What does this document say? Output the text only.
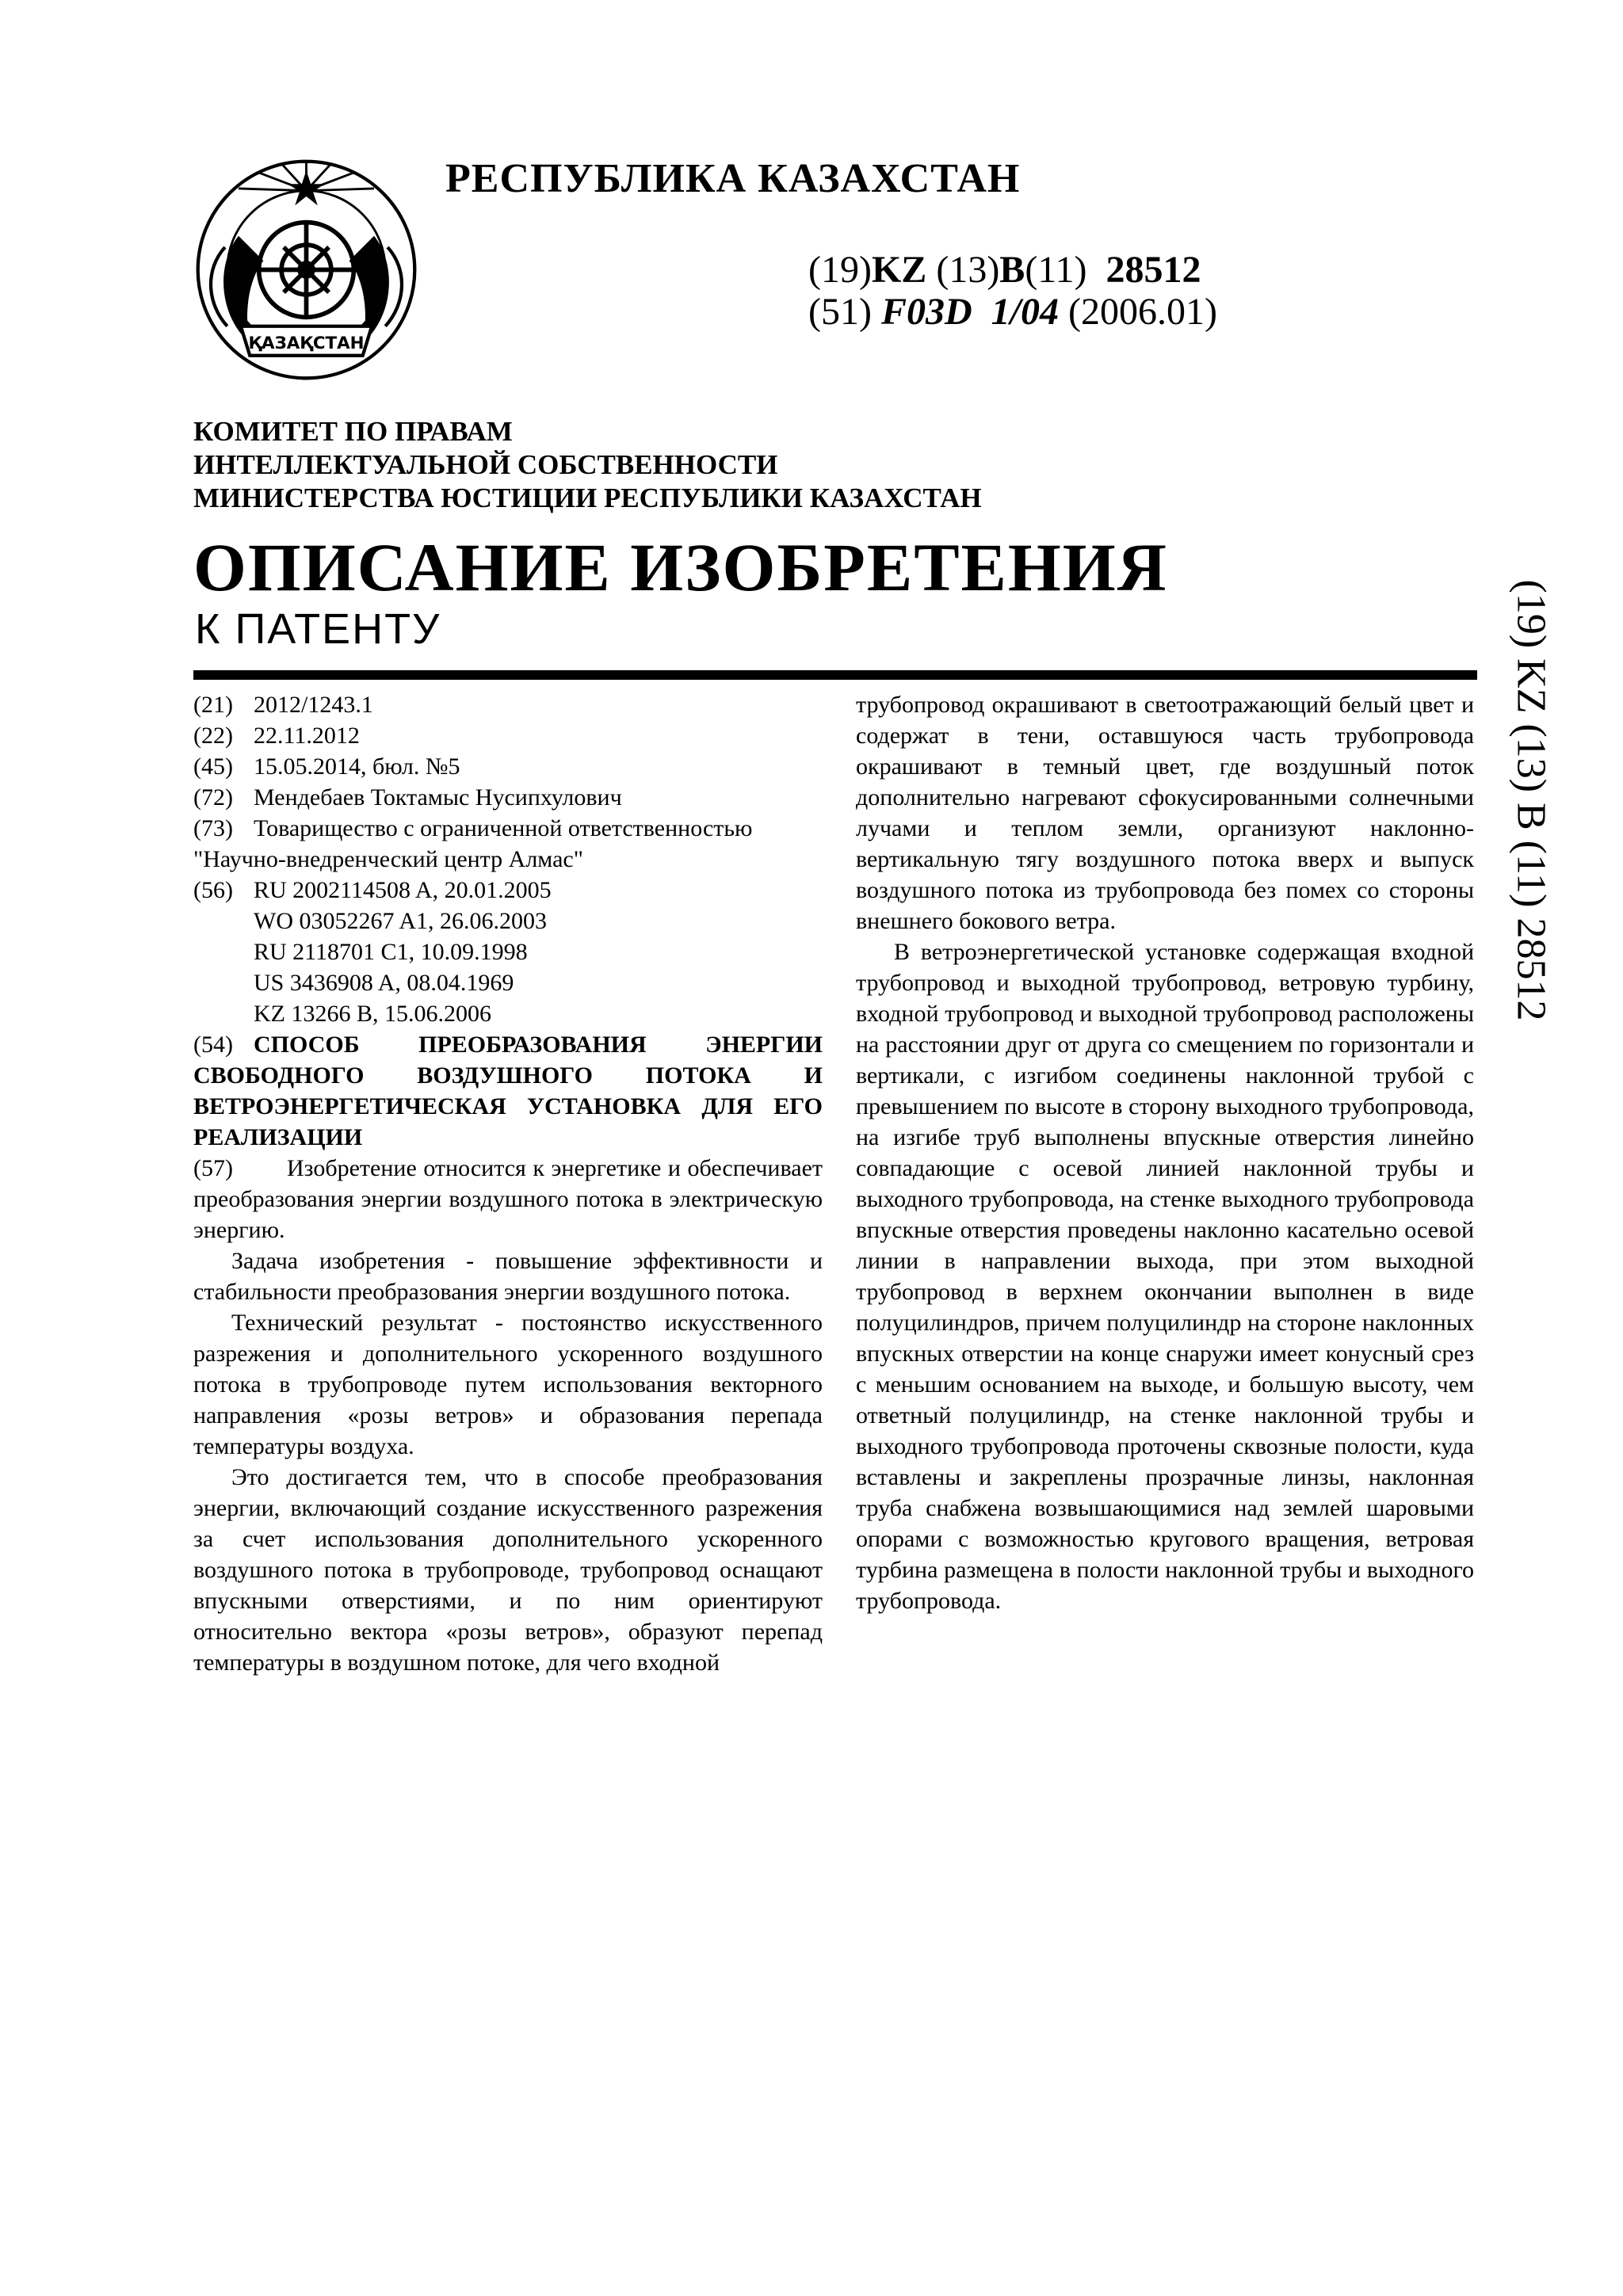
ҚАЗАҚСТАН
РЕСПУБЛИКА КАЗАХСТАН
(19)KZ (13)B(11) 28512
(51) F03D 1/04 (2006.01)
КОМИТЕТ ПО ПРАВАМ
ИНТЕЛЛЕКТУАЛЬНОЙ СОБСТВЕННОСТИ
МИНИСТЕРСТВА ЮСТИЦИИ РЕСПУБЛИКИ КАЗАХСТАН
ОПИСАНИЕ ИЗОБРЕТЕНИЯ
К ПАТЕНТУ
(21) 2012/1243.1
(22) 22.11.2012
(45) 15.05.2014, бюл. №5
(72) Мендебаев Токтамыс Нусипхулович
(73) Товарищество с ограниченной ответственностью
"Научно-внедренческий центр Алмас"
(56) RU 2002114508 A, 20.01.2005
WO 03052267 A1, 26.06.2003
RU 2118701 C1, 10.09.1998
US 3436908 A, 08.04.1969
KZ 13266 B, 15.06.2006
(54) СПОСОБ ПРЕОБРАЗОВАНИЯ ЭНЕРГИИ СВОБОДНОГО ВОЗДУШНОГО ПОТОКА И ВЕТРОЭНЕРГЕТИЧЕСКАЯ УСТАНОВКА ДЛЯ ЕГО РЕАЛИЗАЦИИ
(57) Изобретение относится к энергетике и обеспечивает преобразования энергии воздушного потока в электрическую энергию.

Задача изобретения - повышение эффективности и стабильности преобразования энергии воздушного потока.

Технический результат - постоянство искусственного разрежения и дополнительного ускоренного воздушного потока в трубопроводе путем использования векторного направления «розы ветров» и образования перепада температуры воздуха.

Это достигается тем, что в способе преобразования энергии, включающий создание искусственного разрежения за счет использования дополнительного ускоренного воздушного потока в трубопроводе, трубопровод оснащают впускными отверстиями, и по ним ориентируют относительно вектора «розы ветров», образуют перепад температуры в воздушном потоке, для чего входной

трубопровод окрашивают в светоотражающий белый цвет и содержат в тени, оставшуюся часть трубопровода окрашивают в темный цвет, где воздушный поток дополнительно нагревают сфокусированными солнечными лучами и теплом земли, организуют наклонно-вертикальную тягу воздушного потока вверх и выпуск воздушного потока из трубопровода без помех со стороны внешнего бокового ветра.

В ветроэнергетической установке содержащая входной трубопровод и выходной трубопровод, ветровую турбину, входной трубопровод и выходной трубопровод расположены на расстоянии друг от друга со смещением по горизонтали и вертикали, с изгибом соединены наклонной трубой с превышением по высоте в сторону выходного трубопровода, на изгибе труб выполнены впускные отверстия линейно совпадающие с осевой линией наклонной трубы и выходного трубопровода, на стенке выходного трубопровода впускные отверстия проведены наклонно касательно осевой линии в направлении выхода, при этом выходной трубопровод в верхнем окончании выполнен в виде полуцилиндров, причем полуцилиндр на стороне наклонных впускных отверстии на конце снаружи имеет конусный срез с меньшим основанием на выходе, и большую высоту, чем ответный полуцилиндр, на стенке наклонной трубы и выходного трубопровода проточены сквозные полости, куда вставлены и закреплены прозрачные линзы, наклонная труба снабжена возвышающимися над землей шаровыми опорами с возможностью кругового вращения, ветровая турбина размещена в полости наклонной трубы и выходного трубопровода.

(19) KZ (13) B (11) 28512
